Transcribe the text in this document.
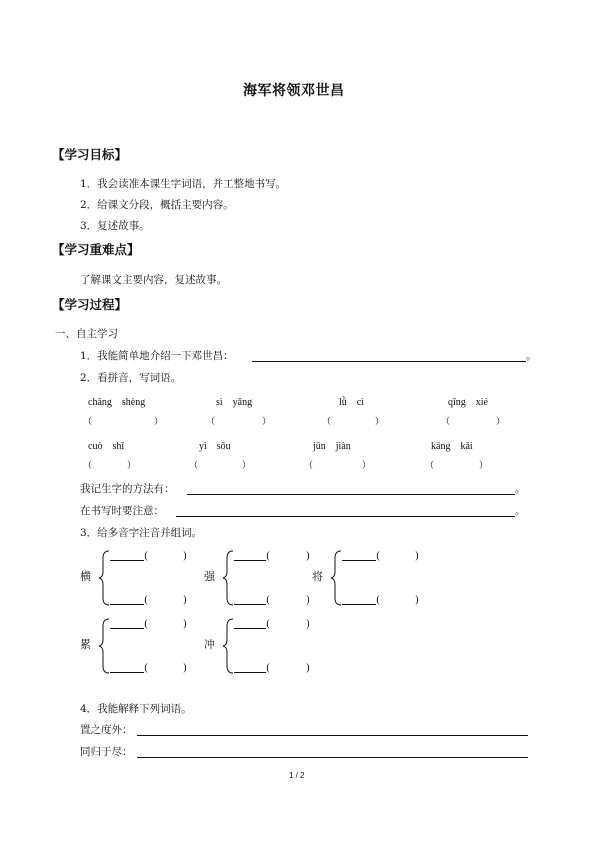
海军将领邓世昌
【学习目标】
1．我会读准本课生字词语，并工整地书写。
2．给课文分段，概括主要内容。
3．复述故事。
【学习重难点】
了解课文主要内容，复述故事。
【学习过程】
一、自主学习
1．我能简单地介绍一下邓世昌：	。
2．看拼音，写词语。
chāng　shèng	sì　yǎng	lǜ　cì	qīng　xié
（	）	（	）	（	）	（	）
cuò　shī	yì　sōu	jūn　jiàn	kāng　kǎi
（	）	（	）	（	）	（	）
我记生字的方法有：	。
在书写时要注意：	。
3．给多音字注音并组词。
横
(	)
(	)
强
(	)
(	)
将
(	)
(	)
累
(	)
(	)
冲
(	)
(	)
4．我能解释下列词语。
置之度外：
同归于尽：
1 / 2
